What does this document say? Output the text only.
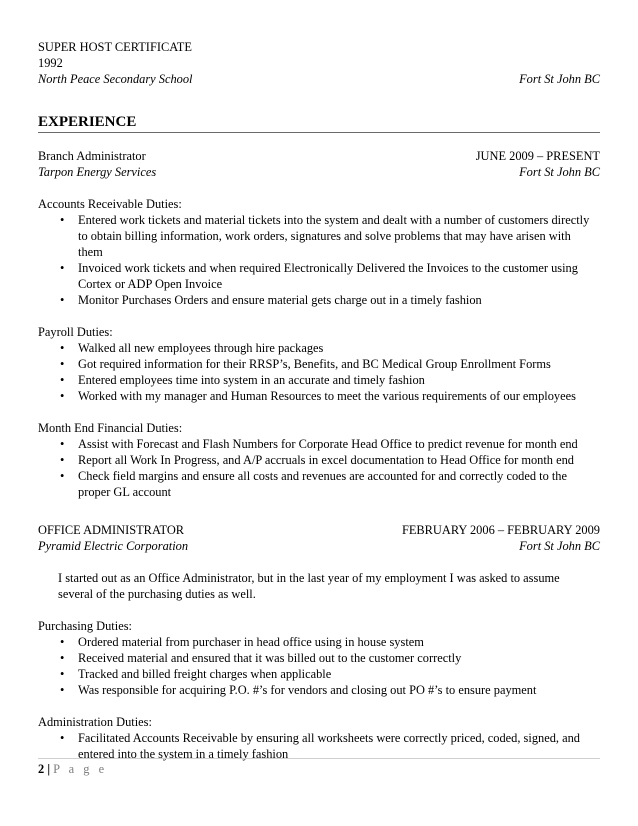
SUPER HOST CERTIFICATE
1992
North Peace Secondary School	Fort St John BC
EXPERIENCE
Branch Administrator	JUNE 2009 – PRESENT
Tarpon Energy Services	Fort St John BC
Accounts Receivable Duties:
• Entered work tickets and material tickets into the system and dealt with a number of customers directly
to obtain billing information, work orders, signatures and solve problems that may have arisen with
them
• Invoiced work tickets and when required Electronically Delivered the Invoices to the customer using
Cortex or ADP Open Invoice
• Monitor Purchases Orders and ensure material gets charge out in a timely fashion
Payroll Duties:
• Walked all new employees through hire packages
• Got required information for their RRSP’s, Benefits, and BC Medical Group Enrollment Forms
• Entered employees time into system in an accurate and timely fashion
• Worked with my manager and Human Resources to meet the various requirements of our employees
Month End Financial Duties:
• Assist with Forecast and Flash Numbers for Corporate Head Office to predict revenue for month end
• Report all Work In Progress, and A/P accruals in excel documentation to Head Office for month end
• Check field margins and ensure all costs and revenues are accounted for and correctly coded to the
proper GL account
OFFICE ADMINISTRATOR	FEBRUARY 2006 – FEBRUARY 2009
Pyramid Electric Corporation	Fort St John BC
I started out as an Office Administrator, but in the last year of my employment I was asked to assume
several of the purchasing duties as well.
Purchasing Duties:
• Ordered material from purchaser in head office using in house system
• Received material and ensured that it was billed out to the customer correctly
• Tracked and billed freight charges when applicable
• Was responsible for acquiring P.O. #’s for vendors and closing out PO #’s to ensure payment
Administration Duties:
• Facilitated Accounts Receivable by ensuring all worksheets were correctly priced, coded, signed, and
entered into the system in a timely fashion
2 | P a g e
